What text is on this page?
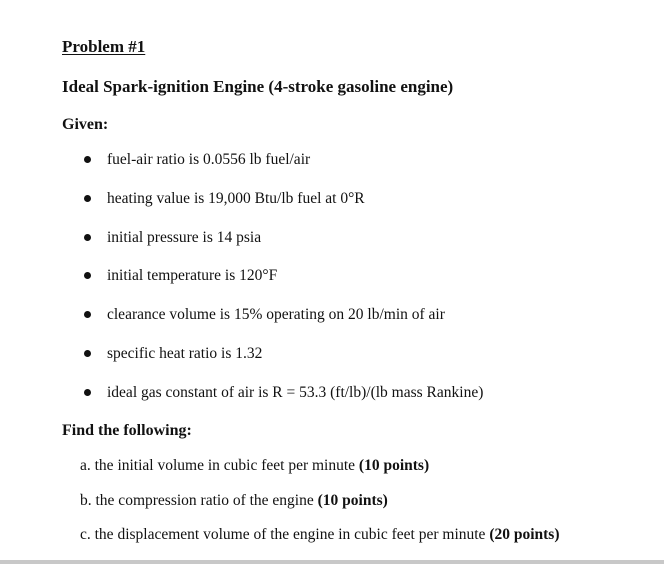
Problem #1
Ideal Spark-ignition Engine (4-stroke gasoline engine)
Given:
fuel-air ratio is 0.0556 lb fuel/air
heating value is 19,000 Btu/lb fuel at 0°R
initial pressure is 14 psia
initial temperature is 120°F
clearance volume is 15% operating on 20 lb/min of air
specific heat ratio is 1.32
ideal gas constant of air is R = 53.3 (ft/lb)/(lb mass Rankine)
Find the following:
a. the initial volume in cubic feet per minute (10 points)
b. the compression ratio of the engine (10 points)
c. the displacement volume of the engine in cubic feet per minute (20 points)
